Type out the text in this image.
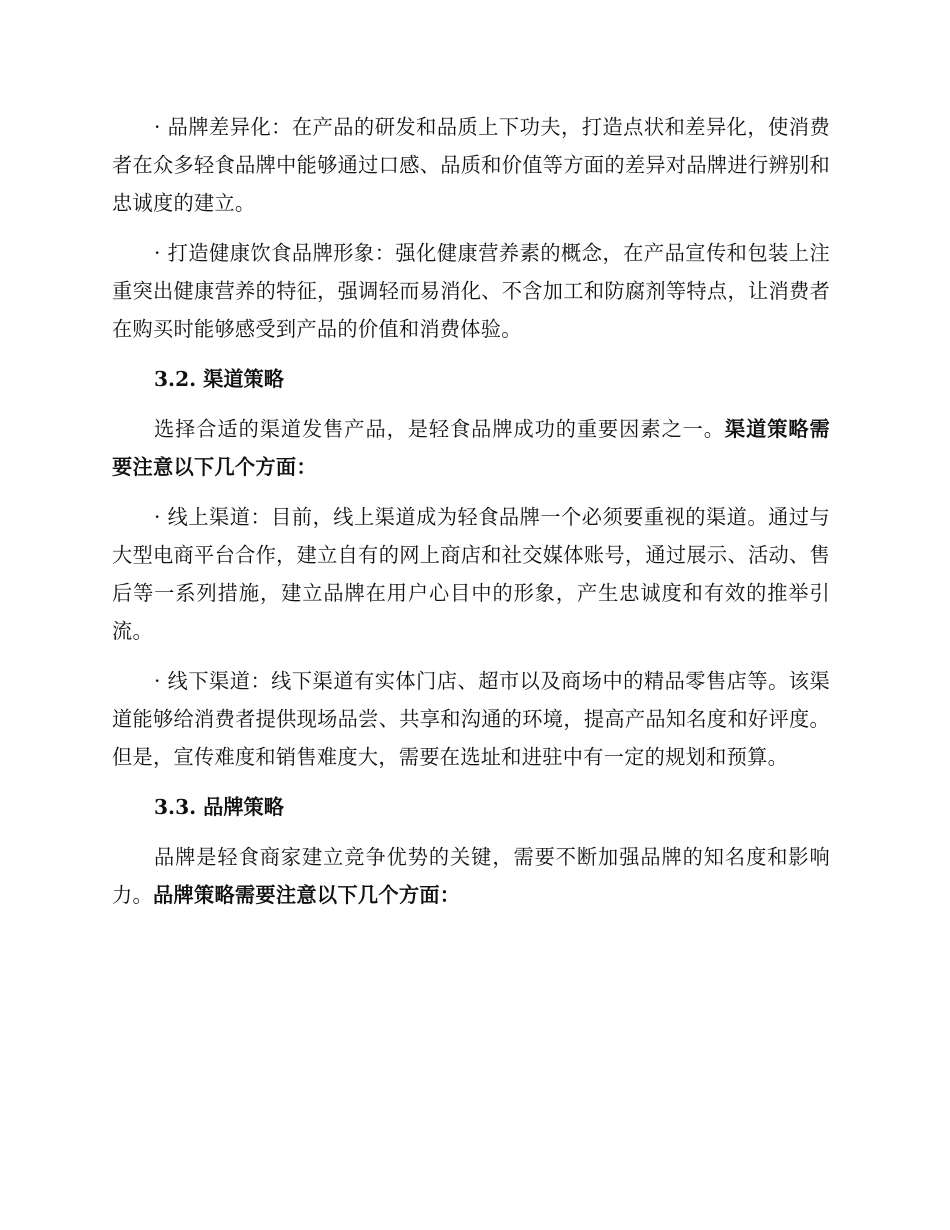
· 品牌差异化：在产品的研发和品质上下功夫，打造点状和差异化，使消费者在众多轻食品牌中能够通过口感、品质和价值等方面的差异对品牌进行辨别和忠诚度的建立。

· 打造健康饮食品牌形象：强化健康营养素的概念，在产品宣传和包装上注重突出健康营养的特征，强调轻而易消化、不含加工和防腐剂等特点，让消费者在购买时能够感受到产品的价值和消费体验。

3.2. 渠道策略

选择合适的渠道发售产品，是轻食品牌成功的重要因素之一。渠道策略需要注意以下几个方面：

· 线上渠道：目前，线上渠道成为轻食品牌一个必须要重视的渠道。通过与大型电商平台合作，建立自有的网上商店和社交媒体账号，通过展示、活动、售后等一系列措施，建立品牌在用户心目中的形象，产生忠诚度和有效的推举引流。

· 线下渠道：线下渠道有实体门店、超市以及商场中的精品零售店等。该渠道能够给消费者提供现场品尝、共享和沟通的环境，提高产品知名度和好评度。但是，宣传难度和销售难度大，需要在选址和进驻中有一定的规划和预算。

3.3. 品牌策略

品牌是轻食商家建立竞争优势的关键，需要不断加强品牌的知名度和影响力。品牌策略需要注意以下几个方面：
